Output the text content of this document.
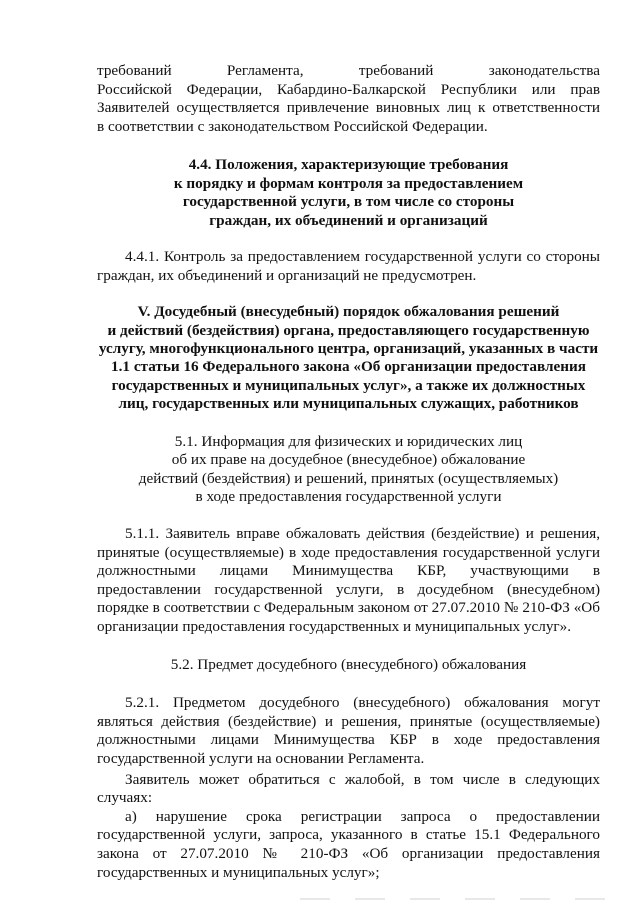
требований Регламента, требований законодательства

Российской Федерации, Кабардино-Балкарской Республики или прав

Заявителей осуществляется привлечение виновных лиц к ответственности

в соответствии с законодательством Российской Федерации.

4.4. Положения, характеризующие требования

к порядку и формам контроля за предоставлением

государственной услуги, в том числе со стороны

граждан, их объединений и организаций

4.4.1. Контроль за предоставлением государственной услуги со стороны граждан, их объединений и организаций не предусмотрен.

V. Досудебный (внесудебный) порядок обжалования решений

и действий (бездействия) органа, предоставляющего государственную

услугу, многофункционального центра, организаций, указанных в части

1.1 статьи 16 Федерального закона «Об организации предоставления

государственных и муниципальных услуг», а также их должностных

лиц, государственных или муниципальных служащих, работников

5.1. Информация для физических и юридических лиц

об их праве на досудебное (внесудебное) обжалование

действий (бездействия) и решений, принятых (осуществляемых)

в ходе предоставления государственной услуги

5.1.1. Заявитель вправе обжаловать действия (бездействие) и решения, принятые (осуществляемые) в ходе предоставления государственной услуги должностными лицами Минимущества КБР, участвующими в предоставлении государственной услуги, в досудебном (внесудебном) порядке в соответствии с Федеральным законом от 27.07.2010 № 210-ФЗ «Об организации предоставления государственных и муниципальных услуг».

5.2. Предмет досудебного (внесудебного) обжалования

5.2.1. Предметом досудебного (внесудебного) обжалования могут являться действия (бездействие) и решения, принятые (осуществляемые) должностными лицами Минимущества КБР в ходе предоставления государственной услуги на основании Регламента.

Заявитель может обратиться с жалобой, в том числе в следующих случаях:

а) нарушение срока регистрации запроса о предоставлении государственной услуги, запроса, указанного в статье 15.1 Федерального закона от 27.07.2010 № 210-ФЗ «Об организации предоставления государственных и муниципальных услуг»;
